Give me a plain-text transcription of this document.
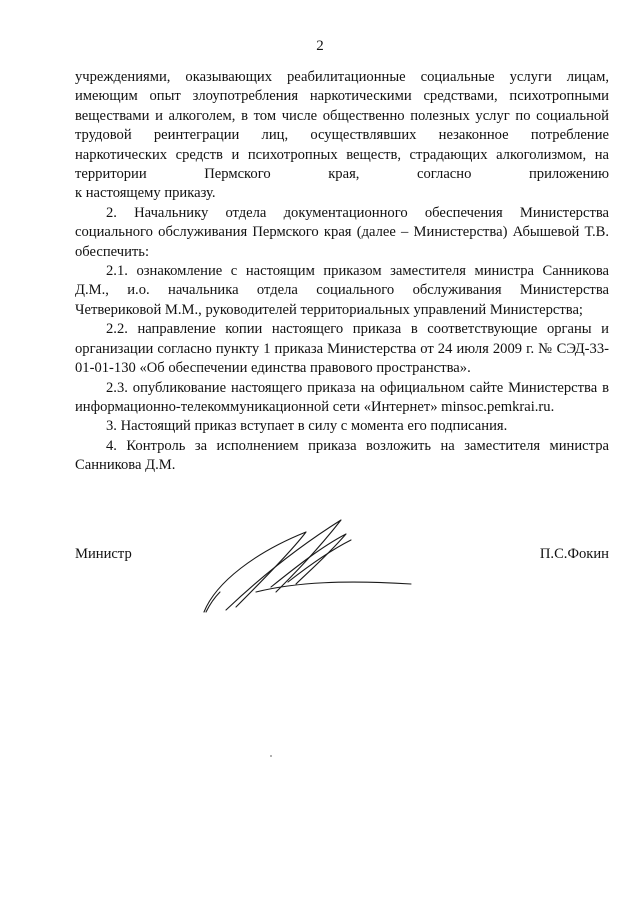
2

учреждениями, оказывающих реабилитационные социальные услуги лицам, имеющим опыт злоупотребления наркотическими средствами, психотропными веществами и алкоголем, в том числе общественно полезных услуг по социальной трудовой реинтеграции лиц, осуществлявших незаконное потребление наркотических средств и психотропных веществ, страдающих алкоголизмом, на территории Пермского края, согласно приложению

к настоящему приказу.

2. Начальнику отдела документационного обеспечения Министерства социального обслуживания Пермского края (далее – Министерства) Абышевой Т.В. обеспечить:

2.1. ознакомление с настоящим приказом заместителя министра Санникова Д.М., и.о. начальника отдела социального обслуживания Министерства Четвериковой М.М., руководителей территориальных управлений Министерства;

2.2. направление копии настоящего приказа в соответствующие органы и организации согласно пункту 1 приказа Министерства от 24 июля 2009 г. № СЭД-33-01-01-130 «Об обеспечении единства правового пространства».

2.3. опубликование настоящего приказа на официальном сайте Министерства в информационно-телекоммуникационной сети «Интернет» minsoc.pemkrai.ru.

3. Настоящий приказ вступает в силу с момента его подписания.

4. Контроль за исполнением приказа возложить на заместителя министра Санникова Д.М.

Министр	П.С.Фокин
